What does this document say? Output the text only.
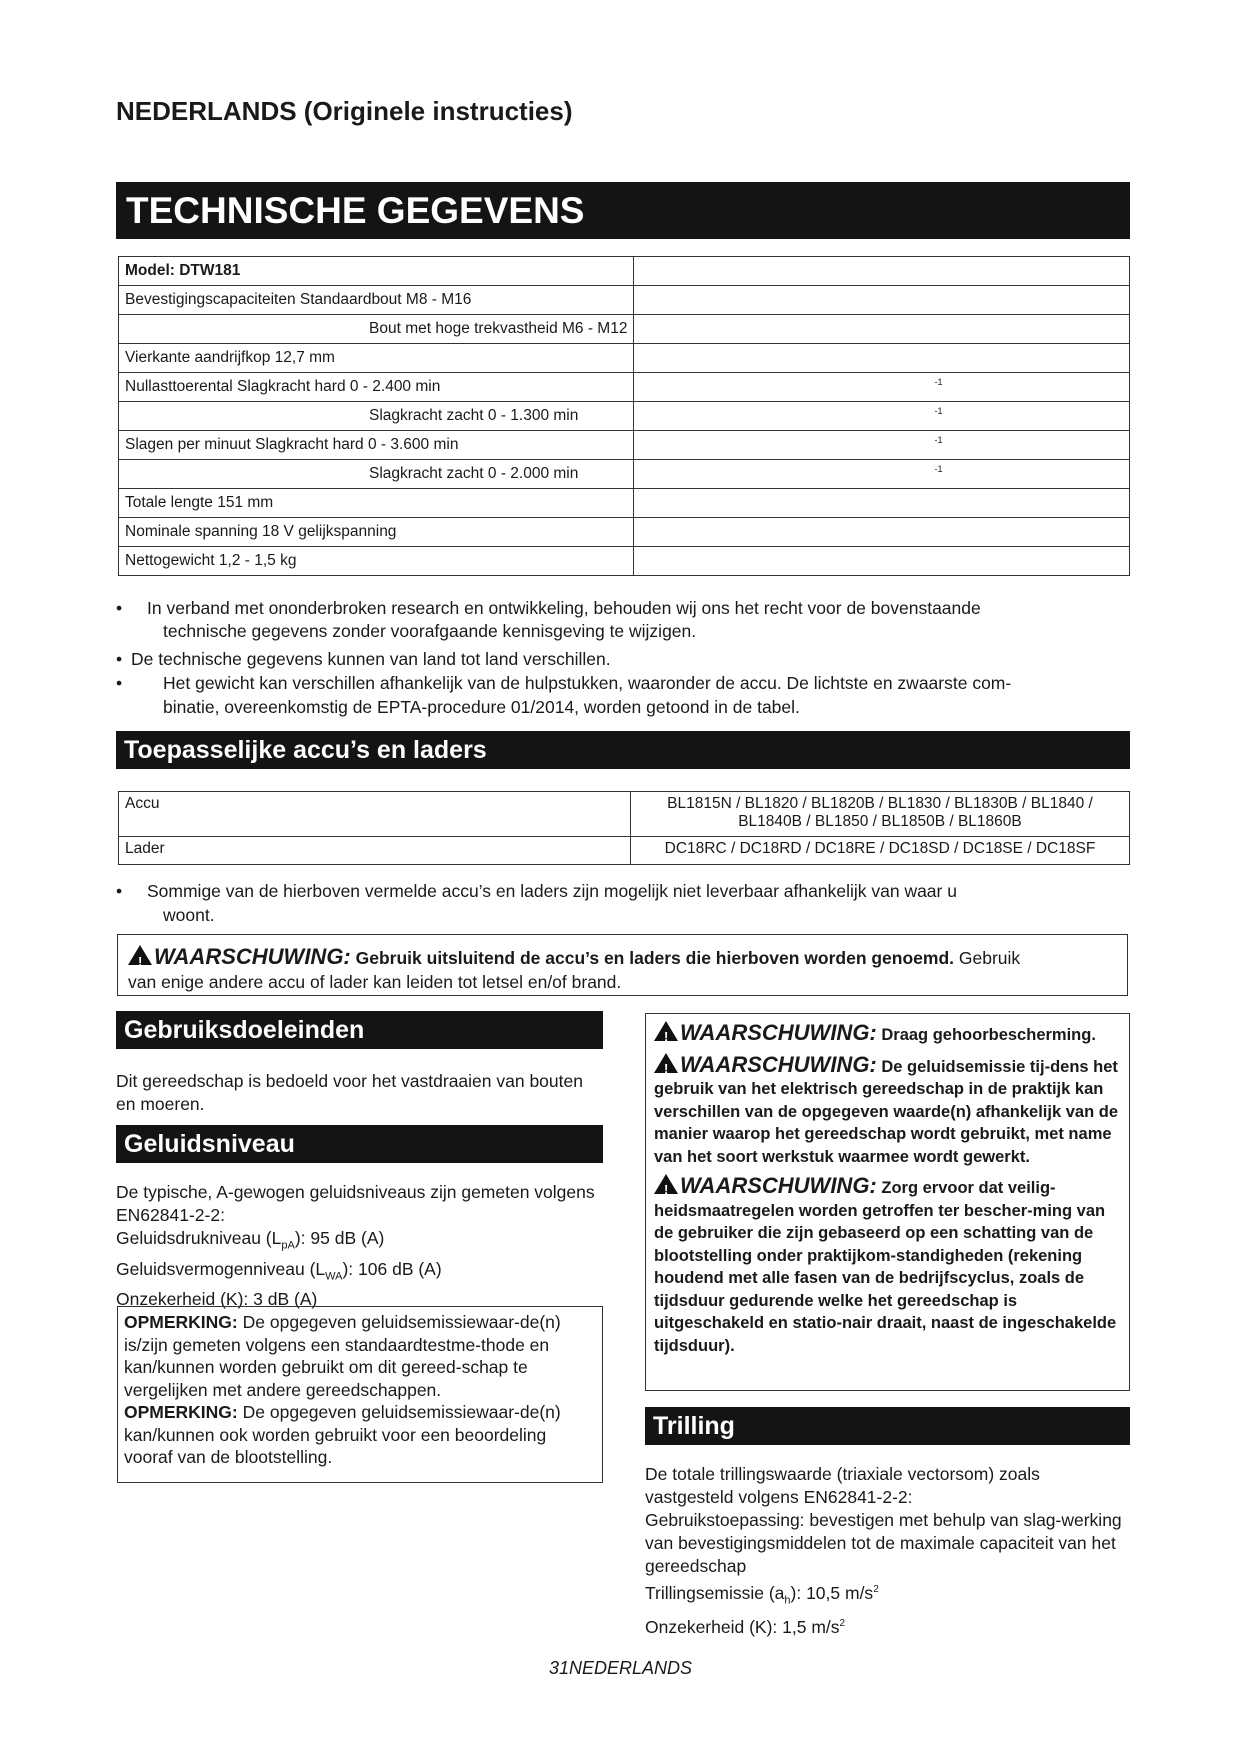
NEDERLANDS (Originele instructies)
TECHNISCHE GEGEVENS
Model: DTW181	
Bevestigingscapaciteiten Standaardbout M8 - M16	
Bout met hoge trekvastheid M6 - M12	
Vierkante aandrijfkop 12,7 mm	
Nullasttoerental Slagkracht hard 0 - 2.400 min	-1

Slagkracht zacht 0 - 1.300 min	-1

Slagen per minuut Slagkracht hard 0 - 3.600 min	-1

Slagkracht zacht 0 - 2.000 min	-1

Totale lengte 151 mm	
Nominale spanning 18 V gelijkspanning	
Nettogewicht 1,2 - 1,5 kg	
• In verband met ononderbroken research en ontwikkeling, behouden wij ons het recht voor de bovenstaande
technische gegevens zonder voorafgaande kennisgeving te wijzigen.
• De technische gegevens kunnen van land tot land verschillen.
• Het gewicht kan verschillen afhankelijk van de hulpstukken, waaronder de accu. De lichtste en zwaarste com-
binatie, overeenkomstig de EPTA-procedure 01/2014, worden getoond in de tabel.
Toepasselijke accu’s en laders
Accu	BL1815N / BL1820 / BL1820B / BL1830 / BL1830B / BL1840 / BL1840B / BL1850 / BL1850B / BL1860B
Lader	DC18RC / DC18RD / DC18RE / DC18SD / DC18SE / DC18SF
• Sommige van de hierboven vermelde accu’s en laders zijn mogelijk niet leverbaar afhankelijk van waar u
woont.
!WAARSCHUWING: Gebruik uitsluitend de accu’s en laders die hierboven worden genoemd. Gebruik
van enige andere accu of lader kan leiden tot letsel en/of brand.
Gebruiksdoeleinden
Dit gereedschap is bedoeld voor het vastdraaien van bouten en moeren.
Geluidsniveau
De typische, A-gewogen geluidsniveaus zijn gemeten volgens EN62841-2-2:
Geluidsdrukniveau $(L_{pA})$: 95 dB (A)
Geluidsvermogenniveau $(L_{WA})$: 106 dB (A)
Onzekerheid (K): 3 dB (A)
OPMERKING: De opgegeven geluidsemissiewaar-de(n) is/zijn gemeten volgens een standaardtestme-thode en kan/kunnen worden gebruikt om dit gereed-schap te vergelijken met andere gereedschappen.
OPMERKING: De opgegeven geluidsemissiewaar-de(n) kan/kunnen ook worden gebruikt voor een beoordeling vooraf van de blootstelling.

!WAARSCHUWING: Draag gehoorbescherming.

!WAARSCHUWING: De geluidsemissie tij-dens het gebruik van het elektrisch gereedschap in de praktijk kan verschillen van de opgegeven waarde(n) afhankelijk van de manier waarop het gereedschap wordt gebruikt, met name van het soort werkstuk waarmee wordt gewerkt.

!WAARSCHUWING: Zorg ervoor dat veilig-heidsmaatregelen worden getroffen ter bescher-ming van de gebruiker die zijn gebaseerd op een schatting van de blootstelling onder praktijkom-standigheden (rekening houdend met alle fasen van de bedrijfscyclus, zoals de tijdsduur gedurende welke het gereedschap is uitgeschakeld en statio-nair draait, naast de ingeschakelde tijdsduur).

Trilling
De totale trillingswaarde (triaxiale vectorsom) zoals vastgesteld volgens EN62841-2-2:
Gebruikstoepassing: bevestigen met behulp van slag-werking van bevestigingsmiddelen tot de maximale capaciteit van het gereedschap
Trillingsemissie $(a_h)$: 10,5 $m/s^2$
Onzekerheid (K): 1,5 $m/s^2$
31NEDERLANDS
